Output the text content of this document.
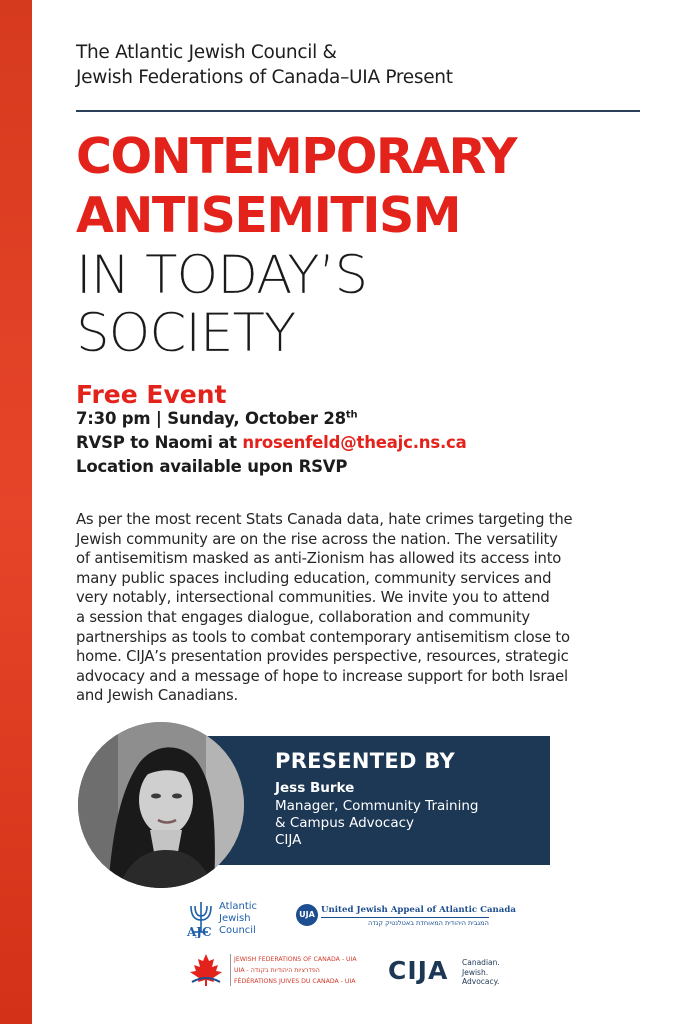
The Atlantic Jewish Council &
Jewish Federations of Canada–UIA Present
CONTEMPORARY
ANTISEMITISM
IN TODAY’S
SOCIETY
Free Event
7:30 pm | Sunday, October 28th
RVSP to Naomi at nrosenfeld@theajc.ns.ca
Location available upon RSVP
As per the most recent Stats Canada data, hate crimes targeting the
Jewish community are on the rise across the nation. The versatility
of antisemitism masked as anti-Zionism has allowed its access into
many public spaces including education, community services and
very notably, intersectional communities. We invite you to attend
a session that engages dialogue, collaboration and community
partnerships as tools to combat contemporary antisemitism close to
home. CIJA’s presentation provides perspective, resources, strategic
advocacy and a message of hope to increase support for both Israel
and Jewish Canadians.
PRESENTED BY
Jess Burke
Manager, Community Training
& Campus Advocacy
CIJA
AJC
Atlantic
Jewish
Council
UJA United Jewish Appeal of Atlantic Canada
המגבית היהודית המאוחדת באטלנטיק קנדה
JEWISH FEDERATIONS OF CANADA - UIA
הפדרציות היהודיות בקנדה - UIA
FÉDÉRATIONS JUIVES DU CANADA - UIA CIJA Canadian.
Jewish.
Advocacy.
